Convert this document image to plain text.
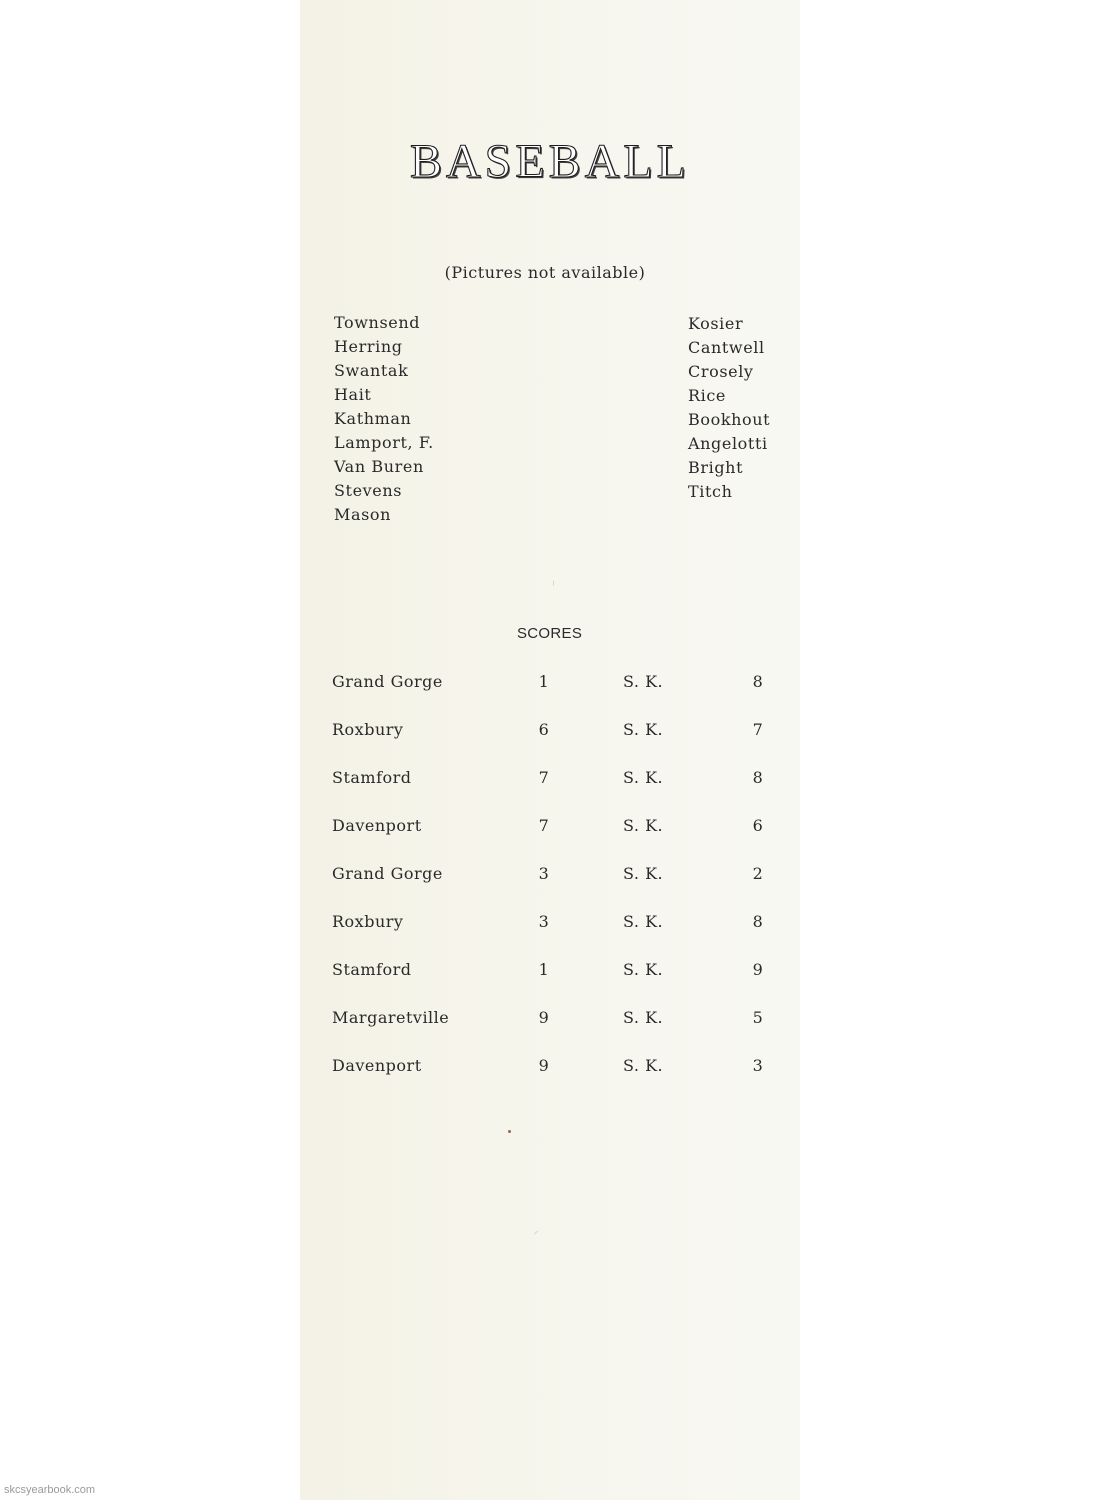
BASEBALL
(Pictures not available)
Townsend
Herring
Swantak
Hait
Kathman
Lamport, F.
Van Buren
Stevens
Mason
Kosier
Cantwell
Crosely
Rice
Bookhout
Angelotti
Bright
Titch
SCORES
Grand Gorge	1	S. K.	8
Roxbury	6	S. K.	7
Stamford	7	S. K.	8
Davenport	7	S. K.	6
Grand Gorge	3	S. K.	2
Roxbury	3	S. K.	8
Stamford	1	S. K.	9
Margaretville	9	S. K.	5
Davenport	9	S. K.	3
skcsyearbook.com
